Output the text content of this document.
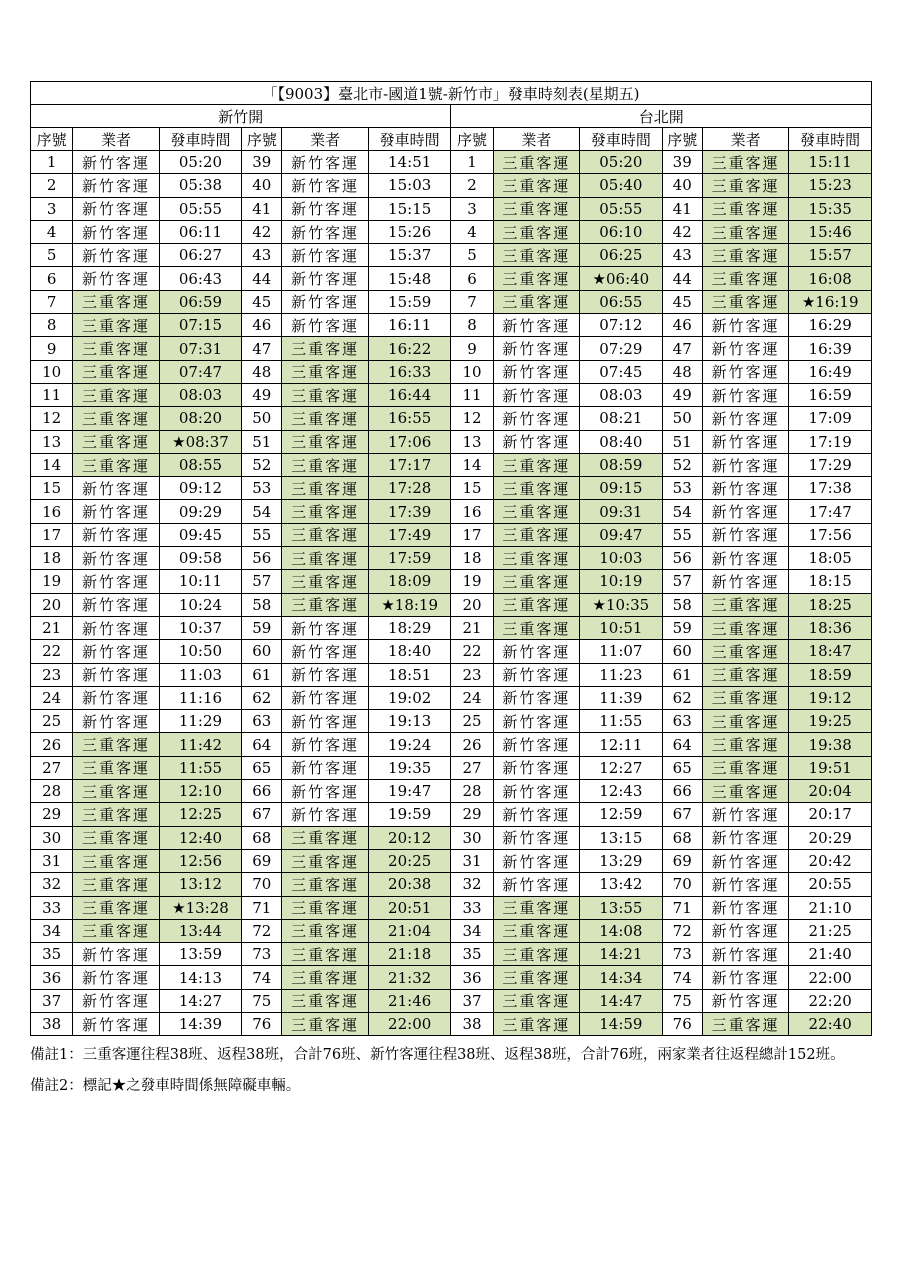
「【9003】臺北市-國道1號-新竹市」發車時刻表(星期五)											
新竹開						台北開					
序號	業者	發車時間	序號	業者	發車時間	序號	業者	發車時間	序號	業者	發車時間
1	新竹客運	05:20	39	新竹客運	14:51	1	三重客運	05:20	39	三重客運	15:11
2	新竹客運	05:38	40	新竹客運	15:03	2	三重客運	05:40	40	三重客運	15:23
3	新竹客運	05:55	41	新竹客運	15:15	3	三重客運	05:55	41	三重客運	15:35
4	新竹客運	06:11	42	新竹客運	15:26	4	三重客運	06:10	42	三重客運	15:46
5	新竹客運	06:27	43	新竹客運	15:37	5	三重客運	06:25	43	三重客運	15:57
6	新竹客運	06:43	44	新竹客運	15:48	6	三重客運	★06:40	44	三重客運	16:08
7	三重客運	06:59	45	新竹客運	15:59	7	三重客運	06:55	45	三重客運	★16:19
8	三重客運	07:15	46	新竹客運	16:11	8	新竹客運	07:12	46	新竹客運	16:29
9	三重客運	07:31	47	三重客運	16:22	9	新竹客運	07:29	47	新竹客運	16:39
10	三重客運	07:47	48	三重客運	16:33	10	新竹客運	07:45	48	新竹客運	16:49
11	三重客運	08:03	49	三重客運	16:44	11	新竹客運	08:03	49	新竹客運	16:59
12	三重客運	08:20	50	三重客運	16:55	12	新竹客運	08:21	50	新竹客運	17:09
13	三重客運	★08:37	51	三重客運	17:06	13	新竹客運	08:40	51	新竹客運	17:19
14	三重客運	08:55	52	三重客運	17:17	14	三重客運	08:59	52	新竹客運	17:29
15	新竹客運	09:12	53	三重客運	17:28	15	三重客運	09:15	53	新竹客運	17:38
16	新竹客運	09:29	54	三重客運	17:39	16	三重客運	09:31	54	新竹客運	17:47
17	新竹客運	09:45	55	三重客運	17:49	17	三重客運	09:47	55	新竹客運	17:56
18	新竹客運	09:58	56	三重客運	17:59	18	三重客運	10:03	56	新竹客運	18:05
19	新竹客運	10:11	57	三重客運	18:09	19	三重客運	10:19	57	新竹客運	18:15
20	新竹客運	10:24	58	三重客運	★18:19	20	三重客運	★10:35	58	三重客運	18:25
21	新竹客運	10:37	59	新竹客運	18:29	21	三重客運	10:51	59	三重客運	18:36
22	新竹客運	10:50	60	新竹客運	18:40	22	新竹客運	11:07	60	三重客運	18:47
23	新竹客運	11:03	61	新竹客運	18:51	23	新竹客運	11:23	61	三重客運	18:59
24	新竹客運	11:16	62	新竹客運	19:02	24	新竹客運	11:39	62	三重客運	19:12
25	新竹客運	11:29	63	新竹客運	19:13	25	新竹客運	11:55	63	三重客運	19:25
26	三重客運	11:42	64	新竹客運	19:24	26	新竹客運	12:11	64	三重客運	19:38
27	三重客運	11:55	65	新竹客運	19:35	27	新竹客運	12:27	65	三重客運	19:51
28	三重客運	12:10	66	新竹客運	19:47	28	新竹客運	12:43	66	三重客運	20:04
29	三重客運	12:25	67	新竹客運	19:59	29	新竹客運	12:59	67	新竹客運	20:17
30	三重客運	12:40	68	三重客運	20:12	30	新竹客運	13:15	68	新竹客運	20:29
31	三重客運	12:56	69	三重客運	20:25	31	新竹客運	13:29	69	新竹客運	20:42
32	三重客運	13:12	70	三重客運	20:38	32	新竹客運	13:42	70	新竹客運	20:55
33	三重客運	★13:28	71	三重客運	20:51	33	三重客運	13:55	71	新竹客運	21:10
34	三重客運	13:44	72	三重客運	21:04	34	三重客運	14:08	72	新竹客運	21:25
35	新竹客運	13:59	73	三重客運	21:18	35	三重客運	14:21	73	新竹客運	21:40
36	新竹客運	14:13	74	三重客運	21:32	36	三重客運	14:34	74	新竹客運	22:00
37	新竹客運	14:27	75	三重客運	21:46	37	三重客運	14:47	75	新竹客運	22:20
38	新竹客運	14:39	76	三重客運	22:00	38	三重客運	14:59	76	三重客運	22:40

備註1：三重客運往程38班、返程38班，合計76班、新竹客運往程38班、返程38班，合計76班，兩家業者往返程總計152班。

備註2：標記★之發車時間係無障礙車輛。
